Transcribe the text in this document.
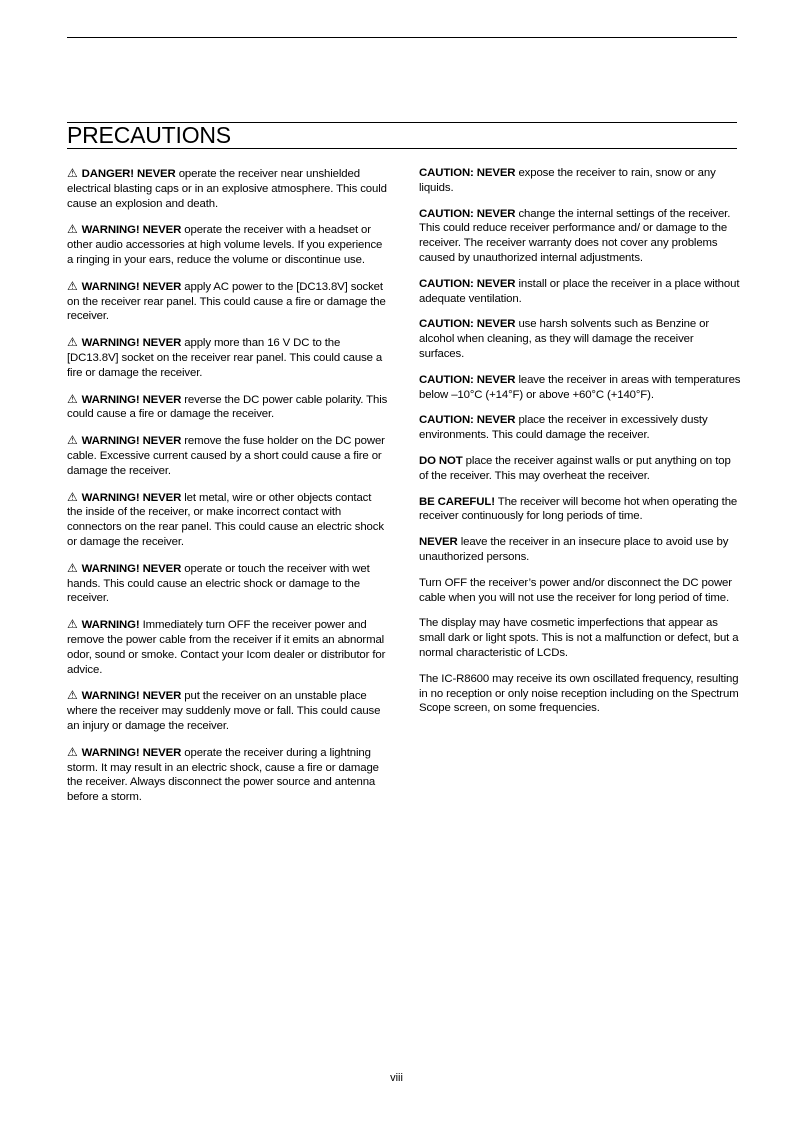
PRECAUTIONS

⚠ DANGER! NEVER operate the receiver near unshielded electrical blasting caps or in an explosive atmosphere. This could cause an explosion and death.

⚠ WARNING! NEVER operate the receiver with a headset or other audio accessories at high volume levels. If you experience a ringing in your ears, reduce the volume or discontinue use.

⚠ WARNING! NEVER apply AC power to the [DC13.8V] socket on the receiver rear panel. This could cause a fire or damage the receiver.

⚠ WARNING! NEVER apply more than 16 V DC to the [DC13.8V] socket on the receiver rear panel. This could cause a fire or damage the receiver.

⚠ WARNING! NEVER reverse the DC power cable polarity. This could cause a fire or damage the receiver.

⚠ WARNING! NEVER remove the fuse holder on the DC power cable. Excessive current caused by a short could cause a fire or damage the receiver.

⚠ WARNING! NEVER let metal, wire or other objects contact the inside of the receiver, or make incorrect contact with connectors on the rear panel. This could cause an electric shock or damage the receiver.

⚠ WARNING! NEVER operate or touch the receiver with wet hands. This could cause an electric shock or damage to the receiver.

⚠ WARNING! Immediately turn OFF the receiver power and remove the power cable from the receiver if it emits an abnormal odor, sound or smoke. Contact your Icom dealer or distributor for advice.

⚠ WARNING! NEVER put the receiver on an unstable place where the receiver may suddenly move or fall. This could cause an injury or damage the receiver.

⚠ WARNING! NEVER operate the receiver during a lightning storm. It may result in an electric shock, cause a fire or damage the receiver. Always disconnect the power source and antenna before a storm.

CAUTION: NEVER expose the receiver to rain, snow or any liquids.

CAUTION: NEVER change the internal settings of the receiver. This could reduce receiver performance and/ or damage to the receiver. The receiver warranty does not cover any problems caused by unauthorized internal adjustments.

CAUTION: NEVER install or place the receiver in a place without adequate ventilation.

CAUTION: NEVER use harsh solvents such as Benzine or alcohol when cleaning, as they will damage the receiver surfaces.

CAUTION: NEVER leave the receiver in areas with temperatures below –10°C (+14°F) or above +60°C (+140°F).

CAUTION: NEVER place the receiver in excessively dusty environments. This could damage the receiver.

DO NOT place the receiver against walls or put anything on top of the receiver. This may overheat the receiver.

BE CAREFUL! The receiver will become hot when operating the receiver continuously for long periods of time.

NEVER leave the receiver in an insecure place to avoid use by unauthorized persons.

Turn OFF the receiver’s power and/or disconnect the DC power cable when you will not use the receiver for long period of time.

The display may have cosmetic imperfections that appear as small dark or light spots. This is not a malfunction or defect, but a normal characteristic of LCDs.

The IC-R8600 may receive its own oscillated frequency, resulting in no reception or only noise reception including on the Spectrum Scope screen, on some frequencies.

viii
